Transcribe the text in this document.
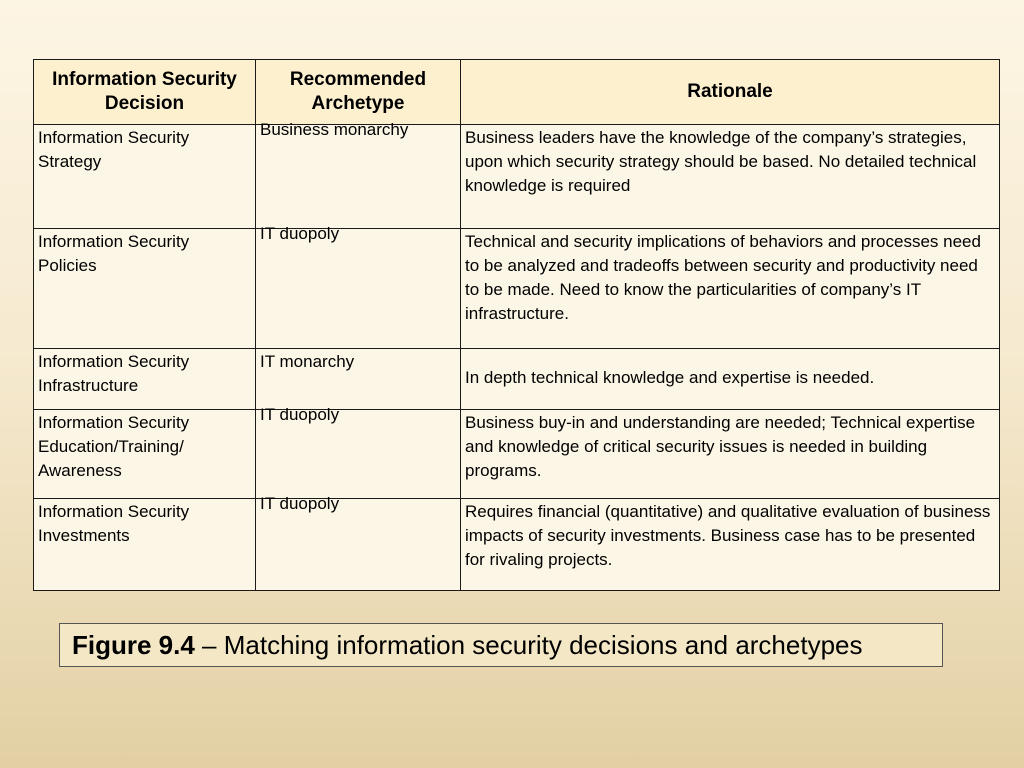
Information Security Decision	Recommended Archetype	Rationale
Information Security Strategy	Business monarchy	Business leaders have the knowledge of the company’s strategies, upon which security strategy should be based. No detailed technical knowledge is required
Information Security Policies	IT duopoly	Technical and security implications of behaviors and processes need to be analyzed and tradeoffs between security and productivity need to be made. Need to know the particularities of company’s IT infrastructure.
Information Security Infrastructure	IT monarchy	In depth technical knowledge and expertise is needed.
Information Security Education/Training/ Awareness	IT duopoly	Business buy-in and understanding are needed; Technical expertise and knowledge of critical security issues is needed in building programs.
Information Security Investments	IT duopoly	Requires financial (quantitative) and qualitative evaluation of business impacts of security investments. Business case has to be presented for rivaling projects.
Figure 9.4 – Matching information security decisions and archetypes
